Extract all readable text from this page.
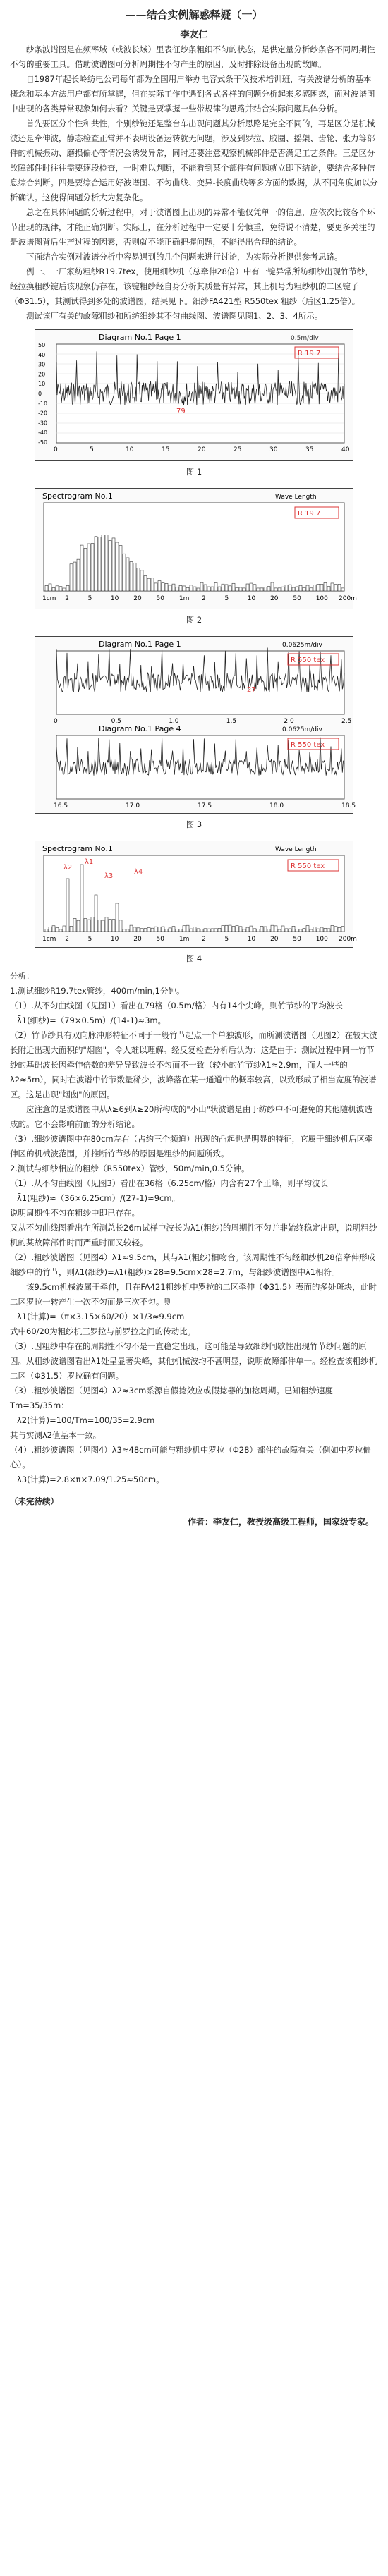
——结合实例解惑释疑（一）
李友仁

纱条波谱图是在频率域（或波长域）里表征纱条粗细不匀的状态，是供定量分析纱条各不同周期性不匀的重要工具。借助波谱图可分析周期性不匀产生的原因，及时排除设备出现的故障。

自1987年起长岭纺电公司每年都为全国用户举办电容式条干仪技术培训班，有关波谱分析的基本概念和基本方法用户都有所掌握，但在实际工作中遇到各式各样的问题分析起来多感困惑，面对波谱图中出现的各类异常现象如何去看？关键是要掌握一些带规律的思路并结合实际问题具体分析。

首先要区分个性和共性，个别纱锭还是整台车出现问题其分析思路是完全不同的，再是区分是机械波还是牵伸波，静态检查正常并不表明设备运转就无问题，涉及到罗拉、胶圈、摇架、齿轮、张力等部件的机械振动、磨损偏心等情况会诱发异常，同时还要注意观察机械部件是否满足工艺条件。三是区分故障部件时往往需要逐段检查，一时难以判断，不能看到某个部件有问题就立即下结论，要结合多种信息综合判断。四是要综合运用好波谱图、不匀曲线、变异-长度曲线等多方面的数据，从不同角度加以分析确认。这使得问题分析大为复杂化。

总之在具体问题的分析过程中，对于波谱图上出现的异常不能仅凭单一的信息，应依次比较各个环节出现的规律，才能正确判断。实际上，在分析过程中一定要十分慎重，免得说不清楚，要更多关注的是波谱图背后生产过程的因素，否则就不能正确把握问题，不能得出合理的结论。

下面结合实例对波谱分析中容易遇到的几个问题来进行讨论，为实际分析提供参考思路。

例一、一厂家纺粗纱R19.7tex，使用细纱机（总牵伸28倍）中有一锭异常所纺细纱出现竹节纱，经拉换粗纱锭后该现象仍存在，该锭粗纱经自身分析其质量有异常，其上机号为粗纱机的二区锭子（Φ31.5），其测试得到多处的波谱图，结果见下。细纱FA421型 R550tex 粗纱（后区1.25倍）。

测试该厂有关的故障粗纱和所纺细纱其不匀曲线图、波谱图见图1、2、3、4所示。

Diagram No.1 Page 1	0.5m/div
R 19.7
79
0	5	10	15	20	25	30	35	40
50
40
30
20
10
0
-10
-20
-30
-40
-50
图 1
Spectrogram No.1	Wave Length
R 19.7
1cm 2	5	10 20 50 1m 2	5	10 20 50 100 200m
图 2
Diagram No.1 Page 1	0.0625m/div
R 550 tex
27
0	0.5	1.0	1.5	2.0	2.5
Diagram No.1 Page 4	0.0625m/div
R 550 tex
16.5	17.0	17.5	18.0	18.5
图 3
Spectrogram No.1	Wave Length
R 550 tex
λ2
λ1
λ3
λ4
1cm 2	5	10 20 50 1m 2	5	10 20 50 100 200m
图 4
分析：
1.测试细纱R19.7tex管纱，400m/min,1分钟。
（1）.从不匀曲线图（见图1）看出在79格（0.5m/格）内有14个尖峰，则竹节纱的平均波长
λ̄1(细纱)=（79×0.5m）/(14-1)≈3m。
（2）竹节纱具有双向脉冲形特征不同于一般竹节起点一个单独波形，而所测波谱图（见图2）在较大波长附近出现大面积的"烟囱"，令人难以理解。经反复检查分析后认为：这是由于：测试过程中同一竹节纱的基础波长因牵伸倍数的差异导致波长不匀而不一致（较小的竹节纱λ1≈2.9m，而大一些的λ2≈5m），同时在波谱中竹节数量稀少，波峰落在某一通道中的概率较高，以致形成了相当宽度的波谱区。这是出现"烟囱"的原因。
应注意的是波谱图中从λ≥6到λ≥20所构成的"小山"状波谱是由于纺纱中不可避免的其他随机波造成的。它不会影响前面的分析结论。
（3）.细纱波谱图中在80cm左右（占约三个频道）出现的凸起也是明显的特征，它属于细纱机后区牵伸区的机械波范围，并推断竹节纱的原因是粗纱的问题所致。
2.测试与细纱相应的粗纱（R550tex）管纱，50m/min,0.5分钟。
（1）.从不匀曲线图（见图3）看出在36格（6.25cm/格）内含有27个正峰，则平均波长
λ̄1(粗纱)≈（36×6.25cm）/(27-1)≈9cm。
说明周期性不匀在粗纱中即已存在。
又从不匀曲线图看出在所测总长26m试样中波长为λ1(粗纱)的周期性不匀并非始终稳定出现，说明粗纱机的某故障部件时而严重时而又较轻。
（2）.粗纱波谱图（见图4）λ1≈9.5cm，其与λ1(粗纱)相吻合。该周期性不匀经细纱机28倍牵伸形成细纱中的竹节，则λ1(细纱)=λ1(粗纱)×28≈9.5cm×28=2.7m，与细纱波谱图中λ1相符。
该9.5cm机械波属于牵伸，且在FA421粗纱机中罗拉的二区牵伸（Φ31.5）表面的多处斑块，此时二区罗拉一转产生一次不匀而是三次不匀。则
λ1(计算)=（π×3.15×60/20）×1/3≈9.9cm
式中60/20为粗纱机三罗拉与前罗拉之间的传动比。
（3）.因粗纱中存在的周期性不匀不是一直稳定出现，这可能是导致细纱间歇性出现竹节纱问题的原因。从粗纱波谱图看出λ1处呈显著尖峰，其他机械波均不甚明显，说明故障部件单一。经检查该粗纱机二区（Φ31.5）罗拉确有问题。
（3）.粗纱波谱图（见图4）λ2≈3cm系源自假捻效应或假捻器的加捻周期。已知粗纱速度Tm=35/35m：
λ2(计算)=100/Tm=100/35=2.9cm
其与实测λ2值基本一致。
（4）.粗纱波谱图（见图4）λ3≈48cm可能与粗纱机中罗拉（Φ28）部件的故障有关（例如中罗拉偏心）。
λ3(计算)=2.8×π×7.09/1.25≈50cm。
（未完待续）
作者：李友仁，教授级高级工程师，国家级专家。
